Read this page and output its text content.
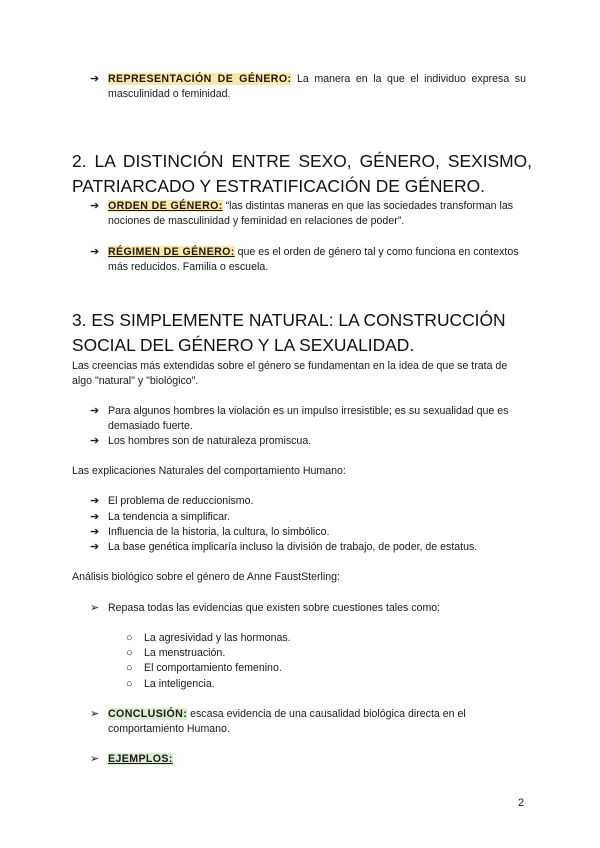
➔ REPRESENTACIÓN DE GÉNERO: La manera en la que el individuo expresa su masculinidad o feminidad.
2. LA DISTINCIÓN ENTRE SEXO, GÉNERO, SEXISMO,
PATRIARCADO Y ESTRATIFICACIÓN DE GÉNERO.
➔ ORDEN DE GÉNERO: “las distintas maneras en que las sociedades transforman las nociones de masculinidad y feminidad en relaciones de poder”.
➔ RÉGIMEN DE GÉNERO: que es el orden de género tal y como funciona en contextos más reducidos. Familia o escuela.
3. ES SIMPLEMENTE NATURAL: LA CONSTRUCCIÓN
SOCIAL DEL GÉNERO Y LA SEXUALIDAD.
Las creencias más extendidas sobre el género se fundamentan en la idea de que se trata de algo "natural" y "biológico".
➔ Para algunos hombres la violación es un impulso irresistible; es su sexualidad que es demasiado fuerte.
➔ Los hombres son de naturaleza promiscua.
Las explicaciones Naturales del comportamiento Humano:
➔ El problema de reduccionismo.
➔ La tendencia a simplificar.
➔ Influencia de la historia, la cultura, lo simbólico.
➔ La base genética implicaría incluso la división de trabajo, de poder, de estatus.
Análisis biológico sobre el género de Anne FaustSterling:
➢ Repasa todas las evidencias que existen sobre cuestiones tales como:
○	La agresividad y las hormonas.
○	La menstruación.
○	El comportamiento femenino.
○	La inteligencia.
➢ CONCLUSIÓN: escasa evidencia de una causalidad biológica directa en el comportamiento Humano.
➢ EJEMPLOS:
2
